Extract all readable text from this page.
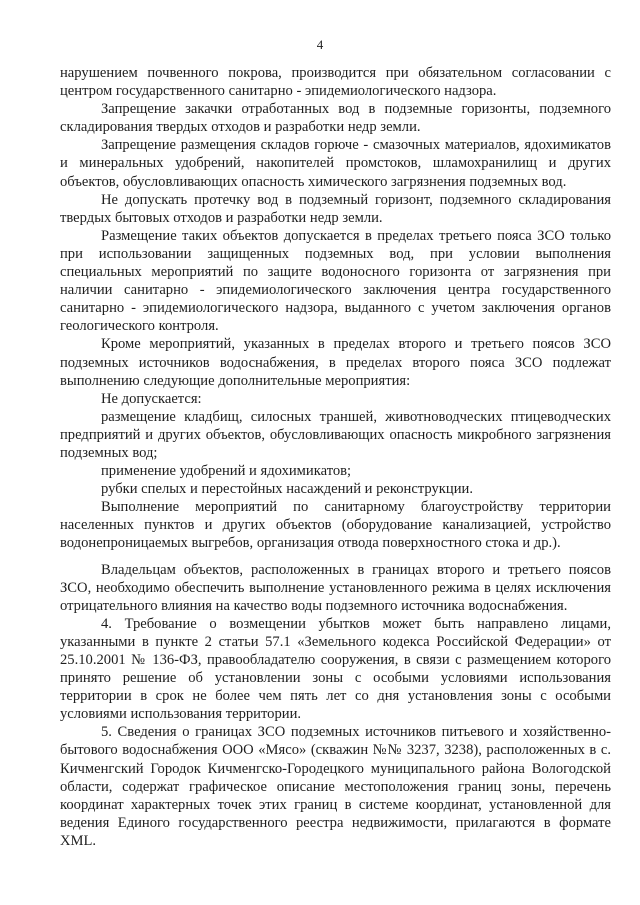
4

нарушением почвенного покрова, производится при обязательном согласовании с центром государственного санитарно - эпидемиологического надзора.

Запрещение закачки отработанных вод в подземные горизонты, подземного складирования твердых отходов и разработки недр земли.

Запрещение размещения складов горюче - смазочных материалов, ядохимикатов и минеральных удобрений, накопителей промстоков, шламохранилищ и других объектов, обусловливающих опасность химического загрязнения подземных вод.

Не допускать протечку вод в подземный горизонт, подземного складирования твердых бытовых отходов и разработки недр земли.

Размещение таких объектов допускается в пределах третьего пояса ЗСО только при использовании защищенных подземных вод, при условии выполнения специальных мероприятий по защите водоносного горизонта от загрязнения при наличии санитарно - эпидемиологического заключения центра государственного санитарно - эпидемиологического надзора, выданного с учетом заключения органов геологического контроля.

Кроме мероприятий, указанных в пределах второго и третьего поясов ЗСО подземных источников водоснабжения, в пределах второго пояса ЗСО подлежат выполнению следующие дополнительные мероприятия:

Не допускается:

размещение кладбищ, силосных траншей, животноводческих птицеводческих предприятий и других объектов, обусловливающих опасность микробного загрязнения подземных вод;

применение удобрений и ядохимикатов;

рубки спелых и перестойных насаждений и реконструкции.

Выполнение мероприятий по санитарному благоустройству территории населенных пунктов и других объектов (оборудование канализацией, устройство водонепроницаемых выгребов, организация отвода поверхностного стока и др.).

Владельцам объектов, расположенных в границах второго и третьего поясов ЗСО, необходимо обеспечить выполнение установленного режима в целях исключения отрицательного влияния на качество воды подземного источника водоснабжения.

4. Требование о возмещении убытков может быть направлено лицами, указанными в пункте 2 статьи 57.1 «Земельного кодекса Российской Федерации» от 25.10.2001 № 136-ФЗ, правообладателю сооружения, в связи с размещением которого принято решение об установлении зоны с особыми условиями использования территории в срок не более чем пять лет со дня установления зоны с особыми условиями использования территории.

5. Сведения о границах ЗСО подземных источников питьевого и хозяйственно-бытового водоснабжения ООО «Мясо» (скважин №№ 3237, 3238), расположенных в с. Кичменгский Городок Кичменгско-Городецкого муниципального района Вологодской области, содержат графическое описание местоположения границ зоны, перечень координат характерных точек этих границ в системе координат, установленной для ведения Единого государственного реестра недвижимости, прилагаются в формате XML.
